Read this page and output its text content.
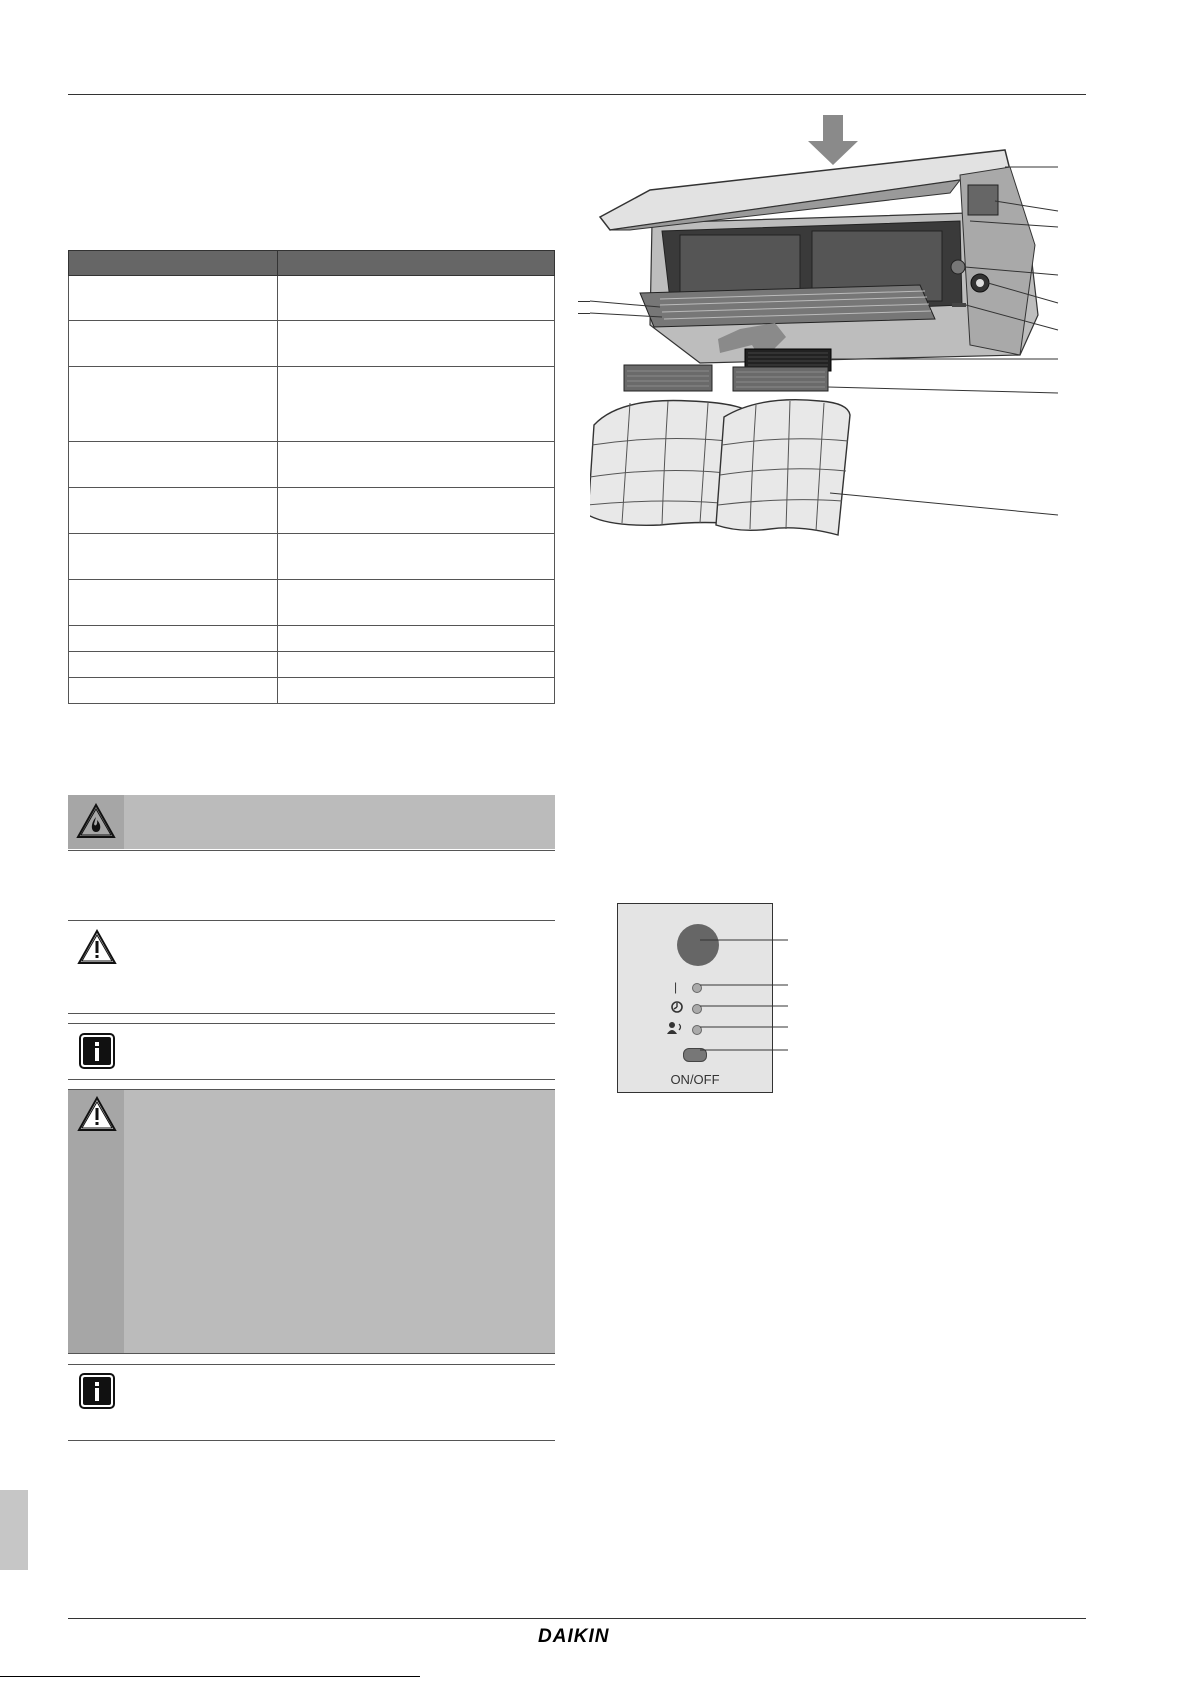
|
ON/OFF
DAIKIN
